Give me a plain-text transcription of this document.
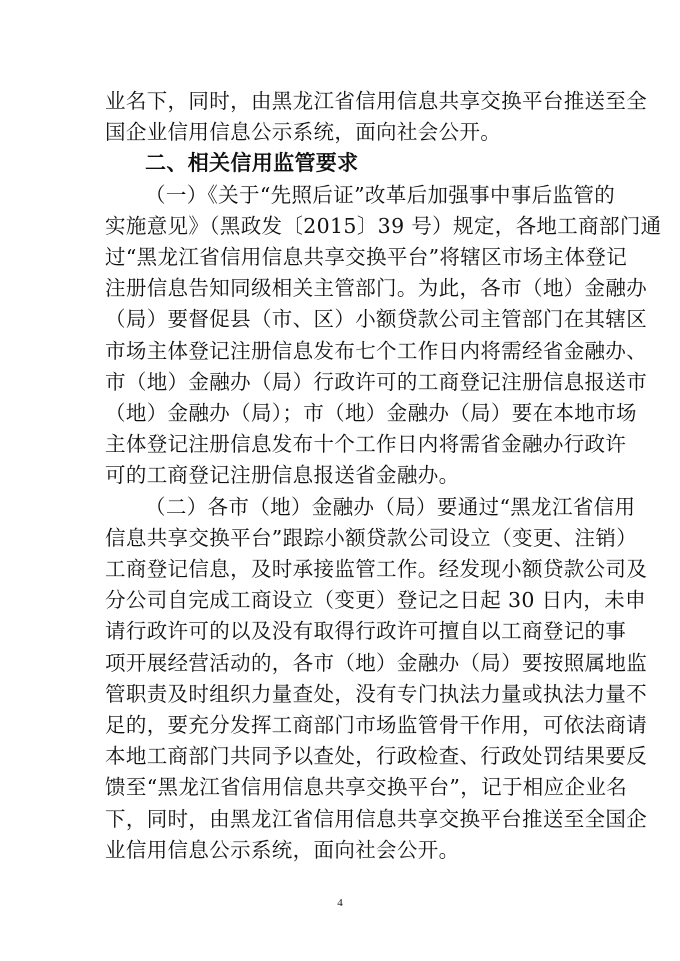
业名下，同时，由黑龙江省信用信息共享交换平台推送至全
国企业信用信息公示系统，面向社会公开。
二、相关信用监管要求
（一）《关于“先照后证”改革后加强事中事后监管的
实施意见》（黑政发〔2015〕39 号）规定，各地工商部门通
过“黑龙江省信用信息共享交换平台”将辖区市场主体登记
注册信息告知同级相关主管部门。为此，各市（地）金融办
（局）要督促县（市、区）小额贷款公司主管部门在其辖区
市场主体登记注册信息发布七个工作日内将需经省金融办、
市（地）金融办（局）行政许可的工商登记注册信息报送市
（地）金融办（局）；市（地）金融办（局）要在本地市场
主体登记注册信息发布十个工作日内将需省金融办行政许
可的工商登记注册信息报送省金融办。
（二）各市（地）金融办（局）要通过“黑龙江省信用
信息共享交换平台”跟踪小额贷款公司设立（变更、注销）
工商登记信息，及时承接监管工作。经发现小额贷款公司及
分公司自完成工商设立（变更）登记之日起 30 日内，未申
请行政许可的以及没有取得行政许可擅自以工商登记的事
项开展经营活动的，各市（地）金融办（局）要按照属地监
管职责及时组织力量查处，没有专门执法力量或执法力量不
足的，要充分发挥工商部门市场监管骨干作用，可依法商请
本地工商部门共同予以查处，行政检查、行政处罚结果要反
馈至“黑龙江省信用信息共享交换平台”，记于相应企业名
下，同时，由黑龙江省信用信息共享交换平台推送至全国企
业信用信息公示系统，面向社会公开。
4
